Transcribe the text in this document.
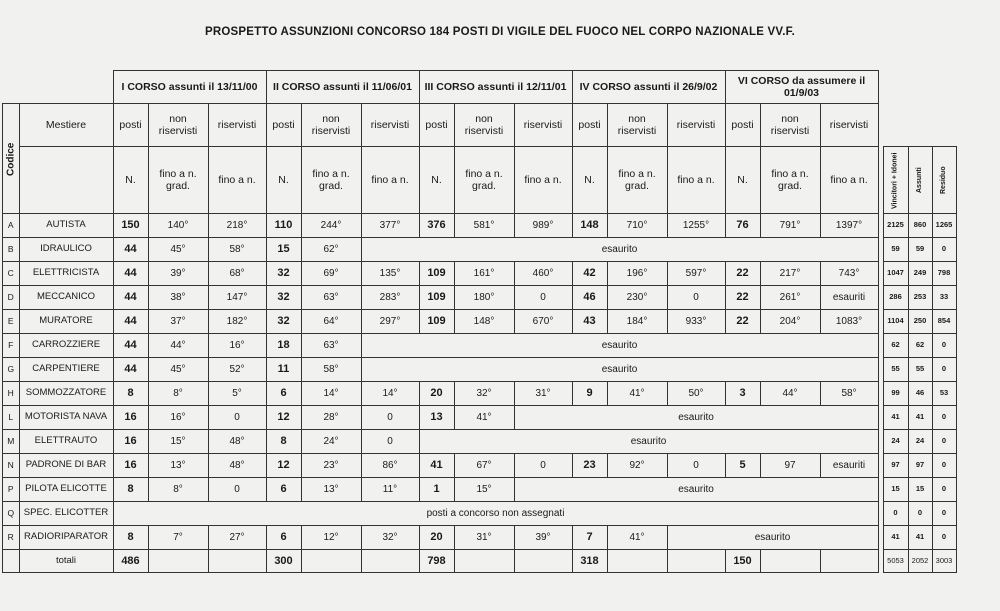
PROSPETTO ASSUNZIONI CONCORSO 184 POSTI DI VIGILE DEL FUOCO NEL CORPO NAZIONALE VV.F.
		I CORSO assunti il 13/11/00			II CORSO assunti il 11/06/01			III CORSO assunti il 12/11/01			IV CORSO assunti il 26/9/02			VI CORSO da assumere il 01/9/03						
Codice	Mestiere	posti	non riservisti	riservisti	posti	non riservisti	riservisti	posti	non riservisti	riservisti	posti	non riservisti	riservisti	posti	non riservisti	riservisti				
		N.	fino a n. grad.	fino a n.	N.	fino a n. grad.	fino a n.	N.	fino a n. grad.	fino a n.	N.	fino a n. grad.	fino a n.	N.	fino a n. grad.	fino a n.		Vincitori + Idonei	Assunti	Residuo
A	AUTISTA	150	140°	218°	110	244°	377°	376	581°	989°	148	710°	1255°	76	791°	1397°		2125	860	1265
B	IDRAULICO	44	45°	58°	15	62°	esaurito											59	59	0
C	ELETTRICISTA	44	39°	68°	32	69°	135°	109	161°	460°	42	196°	597°	22	217°	743°		1047	249	798
D	MECCANICO	44	38°	147°	32	63°	283°	109	180°	0	46	230°	0	22	261°	esauriti		286	253	33
E	MURATORE	44	37°	182°	32	64°	297°	109	148°	670°	43	184°	933°	22	204°	1083°		1104	250	854
F	CARROZZIERE	44	44°	16°	18	63°	esaurito											62	62	0
G	CARPENTIERE	44	45°	52°	11	58°	esaurito											55	55	0
H	SOMMOZZATORE	8	8°	5°	6	14°	14°	20	32°	31°	9	41°	50°	3	44°	58°		99	46	53
L	MOTORISTA NAVA	16	16°	0	12	28°	0	13	41°	esaurito								41	41	0
M	ELETTRAUTO	16	15°	48°	8	24°	0	esaurito										24	24	0
N	PADRONE DI BAR	16	13°	48°	12	23°	86°	41	67°	0	23	92°	0	5	97	esauriti		97	97	0
P	PILOTA ELICOTTE	8	8°	0	6	13°	11°	1	15°	esaurito								15	15	0
Q	SPEC. ELICOTTER	posti a concorso non assegnati																0	0	0
R	RADIORIPARATOR	8	7°	27°	6	12°	32°	20	31°	39°	7	41°	esaurito					41	41	0
	totali	486			300			798			318			150				5053	2052	3003
